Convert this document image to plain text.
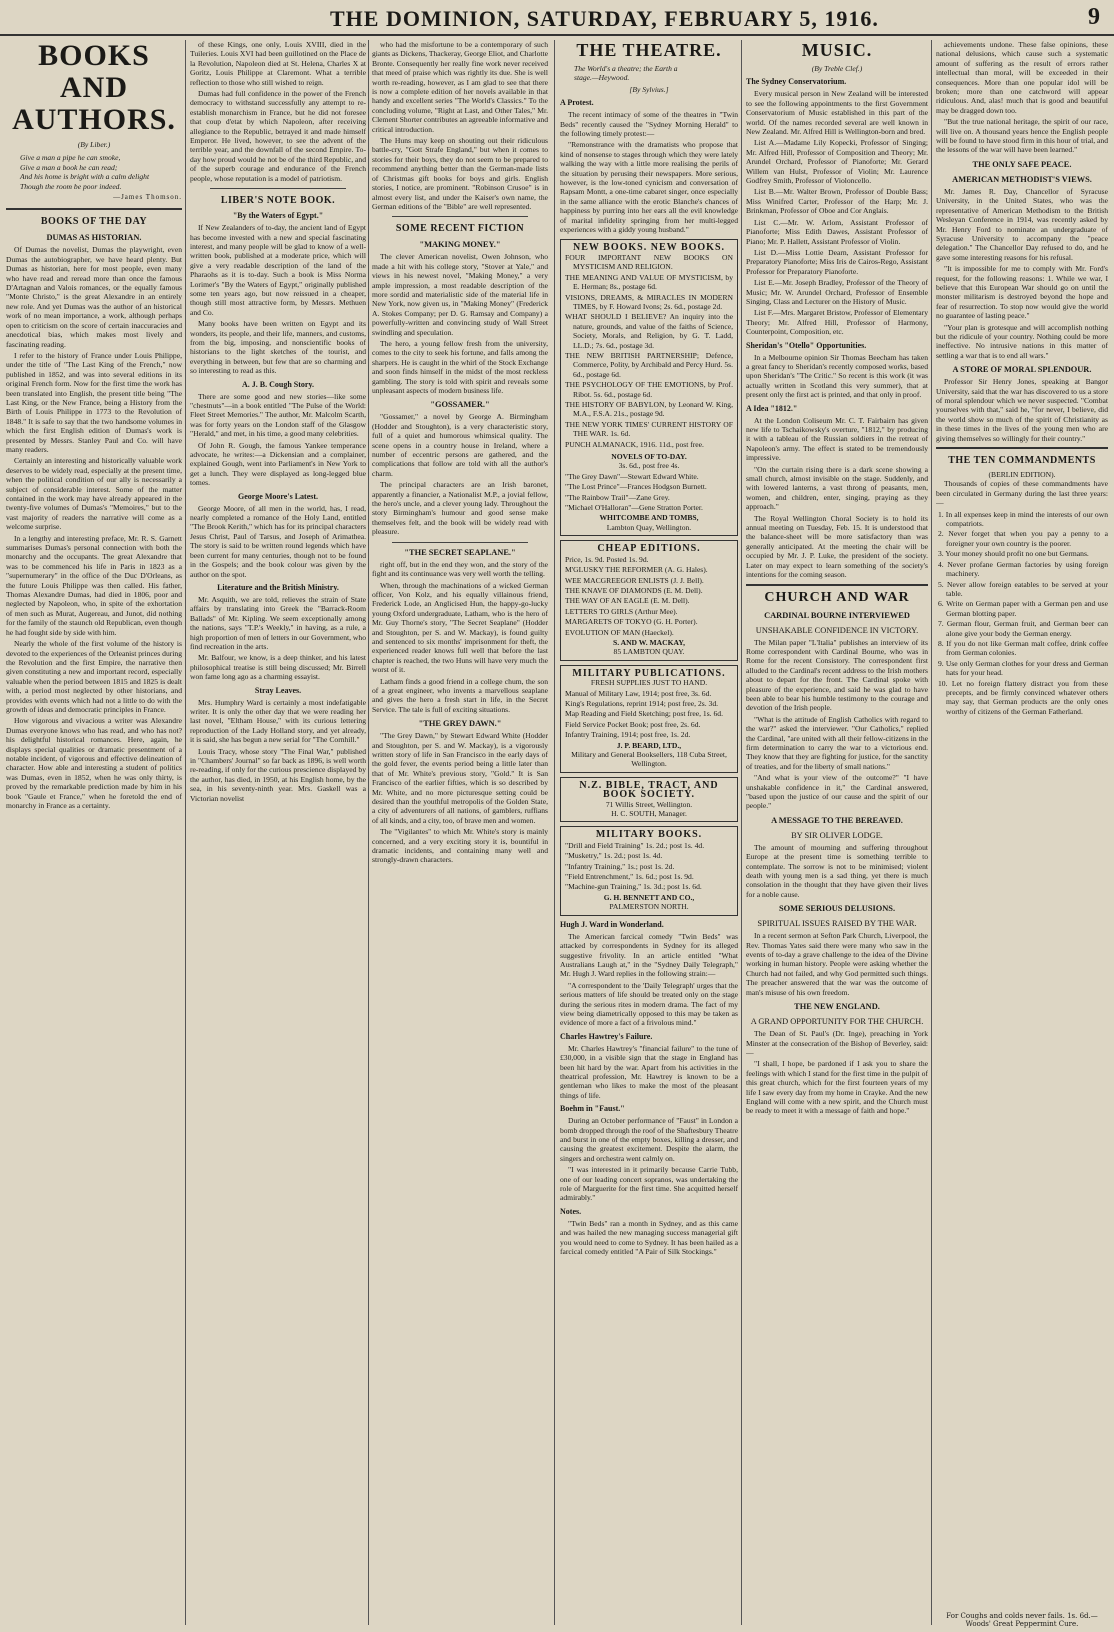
THE DOMINION, SATURDAY, FEBRUARY 5, 1916.	9
BOOKS AND AUTHORS.
(By Liber.)
Give a man a pipe he can smoke,
Give a man a book he can read;
And his home is bright with a calm delight
Though the room be poor indeed.
—James Thomson.
BOOKS OF THE DAY
DUMAS AS HISTORIAN.

Of Dumas the novelist, Dumas the playwright, even Dumas the autobiographer, we have heard plenty. But Dumas as historian, here for most people, even many who have read and reread more than once the famous D'Artagnan and Valois romances, or the equally famous "Monte Christo," is the great Alexandre in an entirely new role. And yet Dumas was the author of an historical work of no mean importance, a work, although perhaps open to criticism on the score of certain inaccuracies and anecdotical bias, which makes most lively and fascinating reading.

I refer to the history of France under Louis Philippe, under the title of "The Last King of the French," now published in 1852, and was into several editions in its original French form. Now for the first time the work has been translated into English, the present title being "The Last King, or the New France, being a History from the Birth of Louis Philippe in 1773 to the Revolution of 1848." It is safe to say that the two handsome volumes in which the first English edition of Dumas's work is presented by Messrs. Stanley Paul and Co. will have many readers.

Certainly an interesting and historically valuable work deserves to be widely read, especially at the present time, when the political condition of our ally is necessarily a subject of considerable interest. Some of the matter contained in the work may have already appeared in the twenty-five volumes of Dumas's "Memoires," but to the vast majority of readers the narrative will come as a welcome surprise.

In a lengthy and interesting preface, Mr. R. S. Garnett summarises Dumas's personal connection with both the monarchy and the occupants. The great Alexandre that was to be commenced his life in Paris in 1823 as a "supernumerary" in the office of the Duc D'Orleans, as the future Louis Philippe was then called. His father, Thomas Alexandre Dumas, had died in 1806, poor and neglected by Napoleon, who, in spite of the exhortation of men such as Murat, Augereau, and Junot, did nothing for the family of the staunch old Republican, even though he had fought side by side with him.

Nearly the whole of the first volume of the history is devoted to the experiences of the Orleanist princes during the Revolution and the first Empire, the narrative then given constituting a new and important record, especially valuable when the period between 1815 and 1825 is dealt with, a period most neglected by other historians, and provides with events which had not a little to do with the growth of ideas and democratic principles in France.

How vigorous and vivacious a writer was Alexandre Dumas everyone knows who has read, and who has not? his delightful historical romances. Here, again, he displays special qualities or dramatic presentment of a notable incident, of vigorous and effective delineation of character. How able and interesting a student of politics was Dumas, even in 1852, when he was only thirty, is proved by the remarkable prediction made by him in his book "Gaule et France," when he foretold the end of monarchy in France as a certainty.

of these Kings, one only, Louis XVIII, died in the Tuileries. Louis XVI had been guillotined on the Place de la Revolution, Napoleon died at St. Helena, Charles X at Goritz, Louis Philippe at Claremont. What a terrible reflection to those who still wished to reign.

Dumas had full confidence in the power of the French democracy to withstand successfully any attempt to re-establish monarchism in France, but he did not foresee that coup d'etat by which Napoleon, after receiving allegiance to the Republic, betrayed it and made himself Emperor. He lived, however, to see the advent of the terrible year, and the downfall of the second Empire. To-day how proud would he not be of the third Republic, and of the superb courage and endurance of the French people, whose reputation is a model of patriotism.

LIBER'S NOTE BOOK.
"By the Waters of Egypt."

If New Zealanders of to-day, the ancient land of Egypt has become invested with a new and special fascinating interest, and many people will be glad to know of a well-written book, published at a moderate price, which will give a very readable description of the land of the Pharaohs as it is to-day. Such a book is Miss Norma Lorimer's "By the Waters of Egypt," originally published some ten years ago, but now reissued in a cheaper, though still most attractive form, by Messrs. Methuen and Co.

Many books have been written on Egypt and its wonders, its people, and their life, manners, and customs, from the big, imposing, and nonscientific books of historians to the light sketches of the tourist, and everything in between, but few that are so charming and so interesting to read as this.

A. J. B. Cough Story.

There are some good and new stories—like some "chestnuts"—in a book entitled "The Pulse of the World: Fleet Street Memories." The author, Mr. Malcolm Scarth, was for forty years on the London staff of the Glasgow "Herald," and met, in his time, a good many celebrities.

Of John R. Gough, the famous Yankee temperance advocate, he writes:—a Dickensian and a complainer, explained Gough, went into Parliament's in New York to get a lunch. They were displayed as long-legged blue tomes.

George Moore's Latest.

George Moore, of all men in the world, has, I read, nearly completed a romance of the Holy Land, entitled "The Brook Kerith," which has for its principal characters Jesus Christ, Paul of Tarsus, and Joseph of Arimathea. The story is said to be written round legends which have been current for many centuries, though not to be found in the Gospels; and the book colour was given by the author on the spot.

Literature and the British Ministry.

Mr. Asquith, we are told, relieves the strain of State affairs by translating into Greek the "Barrack-Room Ballads" of Mr. Kipling. We seem exceptionally among the nations, says "T.P.'s Weekly," in having, as a rule, a high proportion of men of letters in our Government, who find recreation in the arts.

Mr. Balfour, we know, is a deep thinker, and his latest philosophical treatise is still being discussed; Mr. Birrell won fame long ago as a charming essayist.

Stray Leaves.

Mrs. Humphry Ward is certainly a most indefatigable writer. It is only the other day that we were reading her last novel, "Eltham House," with its curious lettering reproduction of the Lady Holland story, and yet already, it is said, she has begun a new serial for "The Cornhill."

Louis Tracy, whose story "The Final War," published in "Chambers' Journal" so far back as 1896, is well worth re-reading, if only for the curious prescience displayed by the author, has died, in 1950, at his English home, by the sea, in his seventy-ninth year. Mrs. Gaskell was a Victorian novelist

who had the misfortune to be a contemporary of such giants as Dickens, Thackeray, George Eliot, and Charlotte Bronte. Consequently her really fine work never received that meed of praise which was rightly its due. She is well worth re-reading, however, as I am glad to see that there is now a complete edition of her novels available in that handy and excellent series "The World's Classics." To the concluding volume, "Right at Last, and Other Tales," Mr. Clement Shorter contributes an agreeable informative and critical introduction.

The Huns may keep on shouting out their ridiculous battle-cry, "Gott Strafe England," but when it comes to stories for their boys, they do not seem to be prepared to recommend anything better than the German-made lists of Christmas gift books for boys and girls. English stories, I notice, are prominent. "Robinson Crusoe" is in almost every list, and under the Kaiser's own name, the German editions of the "Bible" are well represented.

SOME RECENT FICTION
"MAKING MONEY."

The clever American novelist, Owen Johnson, who made a hit with his college story, "Stover at Yale," and views in his newest novel, "Making Money," a very ample impression, a most readable description of the more sordid and materialistic side of the material life in New York, now given us, in "Making Money" (Frederick A. Stokes Company; per D. G. Ramsay and Company) a powerfully-written and convincing study of Wall Street swindling and speculation.

The hero, a young fellow fresh from the university, comes to the city to seek his fortune, and falls among the sharpers. He is caught in the whirl of the Stock Exchange and soon finds himself in the midst of the most reckless gambling. The story is told with spirit and reveals some unpleasant aspects of modern business life.

"GOSSAMER."

"Gossamer," a novel by George A. Birmingham (Hodder and Stoughton), is a very characteristic story, full of a quiet and humorous whimsical quality. The scene opens in a country house in Ireland, where a number of eccentric persons are gathered, and the complications that follow are told with all the author's charm.

The principal characters are an Irish baronet, apparently a financier, a Nationalist M.P., a jovial fellow, the hero's uncle, and a clever young lady. Throughout the story Birmingham's humour and good sense make themselves felt, and the book will be widely read with pleasure.

"THE SECRET SEAPLANE."

right off, but in the end they won, and the story of the fight and its continuance was very well worth the telling.

When, through the machinations of a wicked German officer, Von Kolz, and his equally villainous friend, Frederick Lode, an Anglicised Hun, the happy-go-lucky young Oxford undergraduate, Latham, who is the hero of Mr. Guy Thorne's story, "The Secret Seaplane" (Hodder and Stoughton, per S. and W. Mackay), is found guilty and sentenced to six months' imprisonment for theft, the experienced reader knows full well that before the last chapter is reached, the two Huns will have very much the worst of it.

Latham finds a good friend in a college chum, the son of a great engineer, who invents a marvellous seaplane and gives the hero a fresh start in life, in the Secret Service. The tale is full of exciting situations.

"THE GREY DAWN."

"The Grey Dawn," by Stewart Edward White (Hodder and Stoughton, per S. and W. Mackay), is a vigorously written story of life in San Francisco in the early days of the gold fever, the events period being a little later than that of Mr. White's previous story, "Gold." It is San Francisco of the earlier fifties, which is so described by Mr. White, and no more picturesque setting could be desired than the youthful metropolis of the Golden State, a city of adventurers of all nations, of gamblers, ruffians of all kinds, and a city, too, of brave men and women.

The "Vigilantes" to which Mr. White's story is mainly concerned, and a very exciting story it is, bountiful in dramatic incidents, and containing many well and strongly-drawn characters.

THE THEATRE.
The World's a theatre; the Earth a
stage.—Heywood.
[By Sylvius.]
A Protest.

The recent intimacy of some of the theatres in "Twin Beds" recently caused the "Sydney Morning Herald" to the following timely protest:—

"Remonstrance with the dramatists who propose that kind of nonsense to stages through which they were lately walking the way with a little more realising the perils of the situation by perusing their newspapers. More serious, however, is the low-toned cynicism and conversation of Rapsam Montt, a one-time cabaret singer, once especially in the same alliance with the erotic Blanche's chances of happiness by purring into her ears all the evil knowledge of marital infidelity springing from her multi-legged experiences with a giddy young husband."

NEW BOOKS. NEW BOOKS.
FOUR IMPORTANT NEW BOOKS ON MYSTICISM AND RELIGION.
THE MEANING AND VALUE OF MYSTICISM, by E. Herman; 8s., postage 6d.
VISIONS, DREAMS, & MIRACLES IN MODERN TIMES, by F. Howard Ivons; 2s. 6d., postage 2d.
WHAT SHOULD I BELIEVE? An inquiry into the nature, grounds, and value of the faiths of Science, Society, Morals, and Religion, by G. T. Ladd, LL.D.; 7s. 6d., postage 3d.
THE NEW BRITISH PARTNERSHIP; Defence, Commerce, Polity, by Archibald and Percy Hurd. 5s. 6d., postage 6d.
THE PSYCHOLOGY OF THE EMOTIONS, by Prof. Ribot. 5s. 6d., postage 6d.
THE HISTORY OF BABYLON, by Leonard W. King, M.A., F.S.A. 21s., postage 9d.
THE NEW YORK TIMES' CURRENT HISTORY OF THE WAR. 1s. 6d.
PUNCH ALMANACK, 1916. 11d., post free.
NOVELS OF TO-DAY.
3s. 6d., post free 4s.
"The Grey Dawn"—Stewart Edward White.
"The Lost Prince"—Frances Hodgson Burnett.
"The Rainbow Trail"—Zane Grey.
"Michael O'Halloran"—Gene Stratton Porter.
WHITCOMBE AND TOMBS,
Lambton Quay, Wellington.
CHEAP EDITIONS.
Price, 1s. 9d. Posted 1s. 9d.
M'GLUSKY THE REFORMER (A. G. Hales).
WEE MACGREEGOR ENLISTS (J. J. Bell).
THE KNAVE OF DIAMONDS (E. M. Dell).
THE WAY OF AN EAGLE (E. M. Dell).
LETTERS TO GIRLS (Arthur Mee).
MARGARETS OF TOKYO (G. H. Porter).
EVOLUTION OF MAN (Haeckel).
S. AND W. MACKAY,
85 LAMBTON QUAY.
MILITARY PUBLICATIONS.
FRESH SUPPLIES JUST TO HAND.
Manual of Military Law, 1914; post free, 3s. 6d.
King's Regulations, reprint 1914; post free, 2s. 3d.
Map Reading and Field Sketching; post free, 1s. 6d.
Field Service Pocket Book; post free, 2s. 6d.
Infantry Training, 1914; post free, 1s. 2d.
J. P. BEARD, LTD.,
Military and General Booksellers, 118 Cuba Street, Wellington.
N.Z. BIBLE, TRACT, AND BOOK SOCIETY.
71 Willis Street, Wellington.
H. C. SOUTH, Manager.
MILITARY BOOKS.
"Drill and Field Training" 1s. 2d.; post 1s. 4d.
"Musketry," 1s. 2d.; post 1s. 4d.
"Infantry Training," 1s.; post 1s. 2d.
"Field Entrenchment," 1s. 6d.; post 1s. 9d.
"Machine-gun Training," 1s. 3d.; post 1s. 6d.
G. H. BENNETT AND CO.,
PALMERSTON NORTH.
Hugh J. Ward in Wonderland.

The American farcical comedy "Twin Beds" was attacked by correspondents in Sydney for its alleged suggestive frivolity. In an article entitled "What Australians Laugh at," in the "Sydney Daily Telegraph," Mr. Hugh J. Ward replies in the following strain:—

"A correspondent to the 'Daily Telegraph' urges that the serious matters of life should be treated only on the stage during the serious rites in modern drama. The fact of my view being diametrically opposed to this may be taken as evidence of more a fact of a frivolous mind."

Charles Hawtrey's Failure.

Mr. Charles Hawtrey's "financial failure" to the tune of £30,000, in a visible sign that the stage in England has been hit hard by the war. Apart from his activities in the theatrical profession, Mr. Hawtrey is known to be a gentleman who likes to make the most of the pleasant things of life.

Boehm in "Faust."

During an October performance of "Faust" in London a bomb dropped through the roof of the Shaftesbury Theatre and burst in one of the empty boxes, killing a dresser, and causing the greatest excitement. Despite the alarm, the singers and orchestra went calmly on.

"I was interested in it primarily because Carrie Tubb, one of our leading concert sopranos, was undertaking the role of Marguerite for the first time. She acquitted herself admirably."

Notes.

"Twin Beds" ran a month in Sydney, and as this came and was hailed the new managing success managerial gift you would need to come to Sydney. It has been hailed as a farcical comedy entitled "A Pair of Silk Stockings."

MUSIC.
(By Treble Clef.)
The Sydney Conservatorium.

Every musical person in New Zealand will be interested to see the following appointments to the first Government Conservatorium of Music established in this part of the world. Of the names recorded several are well known in New Zealand. Mr. Alfred Hill is Wellington-born and bred.

List A.—Madame Lily Kopecki, Professor of Singing; Mr. Alfred Hill, Professor of Composition and Theory; Mr. Arundel Orchard, Professor of Pianoforte; Mr. Gerard Willem van Hulst, Professor of Violin; Mr. Laurence Godfrey Smith, Professor of Violoncello.

List B.—Mr. Walter Brown, Professor of Double Bass; Miss Winifred Carter, Professor of the Harp; Mr. J. Brinkman, Professor of Oboe and Cor Anglais.

List C.—Mr. W. Arlom, Assistant Professor of Pianoforte; Miss Edith Dawes, Assistant Professor of Piano; Mr. P. Hallett, Assistant Professor of Violin.

List D.—Miss Lottie Dearn, Assistant Professor for Preparatory Pianoforte; Miss Iris de Cairos-Rego, Assistant Professor for Preparatory Pianoforte.

List E.—Mr. Joseph Bradley, Professor of the Theory of Music; Mr. W. Arundel Orchard, Professor of Ensemble Singing, Class and Lecturer on the History of Music.

List F.—Mrs. Margaret Bristow, Professor of Elementary Theory; Mr. Alfred Hill, Professor of Harmony, Counterpoint, Composition, etc.

Sheridan's "Otello" Opportunities.

In a Melbourne opinion Sir Thomas Beecham has taken a great fancy to Sheridan's recently composed works, based upon Sheridan's "The Critic." So recent is this work (it was actually written in Scotland this very summer), that at present only the first act is printed, and that only in proof.

A Idea "1812."

At the London Coliseum Mr. C. T. Fairbairn has given new life to Tschaikowsky's overture, "1812," by producing it with a tableau of the Russian soldiers in the retreat of Napoleon's army. The effect is stated to be tremendously impressive.

"On the curtain rising there is a dark scene showing a small church, almost invisible on the stage. Suddenly, and with lowered lanterns, a vast throng of peasants, men, women, and children, enter, singing, praying as they approach."

The Royal Wellington Choral Society is to hold its annual meeting on Tuesday, Feb. 15. It is understood that the balance-sheet will be more satisfactory than was generally anticipated. At the meeting the chair will be occupied by Mr. J. P. Luke, the president of the society. Later on may expect to learn something of the society's intentions for the coming season.

CHURCH AND WAR
CARDINAL BOURNE INTERVIEWED
UNSHAKABLE CONFIDENCE IN VICTORY.

The Milan paper "L'Italia" publishes an interview of its Rome correspondent with Cardinal Bourne, who was in Rome for the recent Consistory. The correspondent first alluded to the Cardinal's recent address to the Irish mothers about to depart for the front. The Cardinal spoke with pleasure of the experience, and said he was glad to have been able to bear his humble testimony to the courage and devotion of the Irish people.

"What is the attitude of English Catholics with regard to the war?" asked the interviewer. "Our Catholics," replied the Cardinal, "are united with all their fellow-citizens in the firm determination to carry the war to a victorious end. They know that they are fighting for justice, for the sanctity of treaties, and for the liberty of small nations."

"And what is your view of the outcome?" "I have unshakable confidence in it," the Cardinal answered, "based upon the justice of our cause and the spirit of our people."

A MESSAGE TO THE BEREAVED.
BY SIR OLIVER LODGE.

The amount of mourning and suffering throughout Europe at the present time is something terrible to contemplate. The sorrow is not to be minimised; violent death with young men is a sad thing, yet there is much consolation in the thought that they have given their lives for a noble cause.

SOME SERIOUS DELUSIONS.
SPIRITUAL ISSUES RAISED BY THE WAR.

In a recent sermon at Sefton Park Church, Liverpool, the Rev. Thomas Yates said there were many who saw in the events of to-day a grave challenge to the idea of the Divine working in human history. People were asking whether the Church had not failed, and why God permitted such things. The preacher answered that the war was the outcome of man's misuse of his own freedom.

THE NEW ENGLAND.
A GRAND OPPORTUNITY FOR THE CHURCH.

The Dean of St. Paul's (Dr. Inge), preaching in York Minster at the consecration of the Bishop of Beverley, said:—

"I shall, I hope, be pardoned if I ask you to share the feelings with which I stand for the first time in the pulpit of this great church, which for the first fourteen years of my life I saw every day from my home in Crayke. And the new England will come with a new spirit, and the Church must be ready to meet it with a message of faith and hope."

achievements undone. These false opinions, these national delusions, which cause such a systematic amount of suffering as the result of errors rather intellectual than moral, will be exceeded in their consequences. More than one popular idol will be broken; more than one catchword will appear ridiculous. And, alas! much that is good and beautiful may be dragged down too.

"But the true national heritage, the spirit of our race, will live on. A thousand years hence the English people will be found to have stood firm in this hour of trial, and the lessons of the war will have been learned."

THE ONLY SAFE PEACE.
AMERICAN METHODIST'S VIEWS.

Mr. James R. Day, Chancellor of Syracuse University, in the United States, who was the representative of American Methodism to the British Wesleyan Conference in 1914, was recently asked by Mr. Henry Ford to nominate an undergraduate of Syracuse University to accompany the "peace delegation." The Chancellor Day refused to do, and he gave some interesting reasons for his refusal.

"It is impossible for me to comply with Mr. Ford's request, for the following reasons: 1. While we war, I believe that this European War should go on until the monster militarism is destroyed beyond the hope and fear of resurrection. To stop now would give the world no guarantee of lasting peace."

"Your plan is grotesque and will accomplish nothing but the ridicule of your country. Nothing could be more ineffective. No intrusive nations in this matter of settling a war that is to end all wars."

A STORE OF MORAL SPLENDOUR.

Professor Sir Henry Jones, speaking at Bangor University, said that the war has discovered to us a store of moral splendour which we never suspected. "Combat yourselves with that," said he, "for never, I believe, did the world show so much of the spirit of Christianity as in these times in the lives of the young men who are giving themselves so willingly for their country."

THE TEN COMMANDMENTS
(BERLIN EDITION).

Thousands of copies of these commandments have been circulated in Germany during the last three years:—

1. In all expenses keep in mind the interests of our own compatriots.
2. Never forget that when you pay a penny to a foreigner your own country is the poorer.
3. Your money should profit no one but Germans.
4. Never profane German factories by using foreign machinery.
5. Never allow foreign eatables to be served at your table.
6. Write on German paper with a German pen and use German blotting paper.
7. German flour, German fruit, and German beer can alone give your body the German energy.
8. If you do not like German malt coffee, drink coffee from German colonies.
9. Use only German clothes for your dress and German hats for your head.
10. Let no foreign flattery distract you from these precepts, and be firmly convinced whatever others may say, that German products are the only ones worthy of citizens of the German Fatherland.
For Coughs and colds never fails. 1s. 6d.—Woods' Great Peppermint Cure.
